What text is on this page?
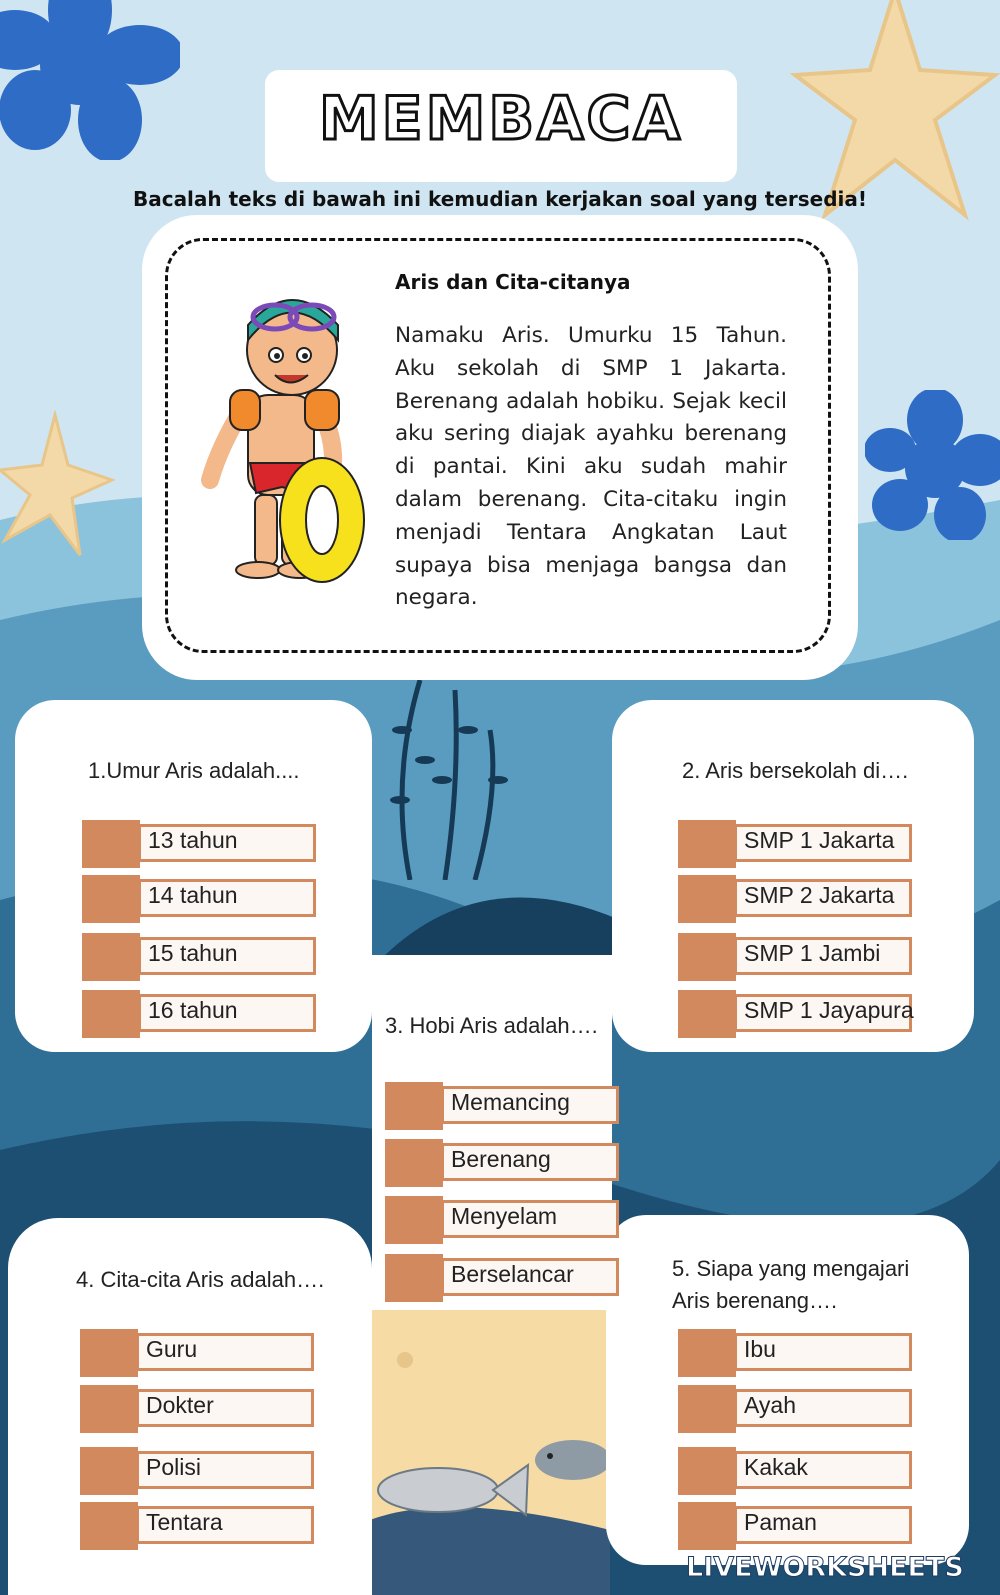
MEMBACA
Bacalah teks di bawah ini kemudian kerjakan soal yang tersedia!
Aris dan Cita-citanya
Namaku Aris. Umurku 15 Tahun. Aku sekolah di SMP 1 Jakarta. Berenang adalah hobiku. Sejak kecil aku sering diajak ayahku berenang di pantai. Kini aku sudah mahir dalam berenang. Cita-citaku ingin menjadi Tentara Angkatan Laut supaya bisa menjaga bangsa dan negara.
1.Umur Aris adalah....
13 tahun
14 tahun
15 tahun
16 tahun
2. Aris bersekolah di….
SMP 1 Jakarta
SMP 2 Jakarta
SMP 1 Jambi
SMP 1 Jayapura
3. Hobi Aris adalah….
Memancing
Berenang
Menyelam
Berselancar
4. Cita-cita Aris adalah….
Guru
Dokter
Polisi
Tentara
5. Siapa yang mengajari
Aris berenang….
Ibu
Ayah
Kakak
Paman
LIVEWORKSHEETS
